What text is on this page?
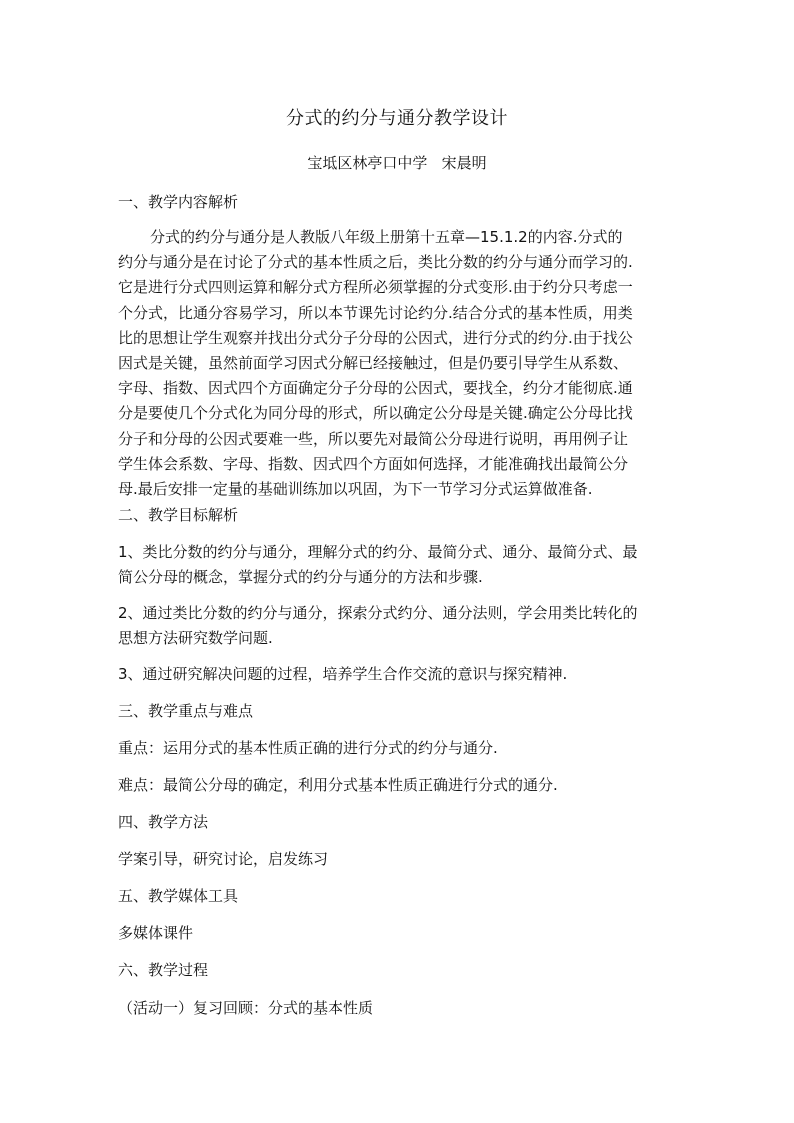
分式的约分与通分教学设计
宝坻区林亭口中学   宋晨明
一、教学内容解析
分式的约分与通分是人教版八年级上册第十五章—15.1.2的内容.分式的
约分与通分是在讨论了分式的基本性质之后，类比分数的约分与通分而学习的.
它是进行分式四则运算和解分式方程所必须掌握的分式变形.由于约分只考虑一
个分式，比通分容易学习，所以本节课先讨论约分.结合分式的基本性质，用类
比的思想让学生观察并找出分式分子分母的公因式，进行分式的约分.由于找公
因式是关键，虽然前面学习因式分解已经接触过，但是仍要引导学生从系数、
字母、指数、因式四个方面确定分子分母的公因式，要找全，约分才能彻底.通
分是要使几个分式化为同分母的形式，所以确定公分母是关键.确定公分母比找
分子和分母的公因式要难一些，所以要先对最简公分母进行说明，再用例子让
学生体会系数、字母、指数、因式四个方面如何选择，才能准确找出最简公分
母.最后安排一定量的基础训练加以巩固，为下一节学习分式运算做准备.
二、教学目标解析
1、类比分数的约分与通分，理解分式的约分、最简分式、通分、最简分式、最
简公分母的概念，掌握分式的约分与通分的方法和步骤.
2、通过类比分数的约分与通分，探索分式约分、通分法则，学会用类比转化的
思想方法研究数学问题.
3、通过研究解决问题的过程，培养学生合作交流的意识与探究精神.
三、教学重点与难点
重点：运用分式的基本性质正确的进行分式的约分与通分.
难点：最简公分母的确定，利用分式基本性质正确进行分式的通分.
四、教学方法
学案引导，研究讨论，启发练习
五、教学媒体工具
多媒体课件
六、教学过程
（活动一）复习回顾：分式的基本性质
